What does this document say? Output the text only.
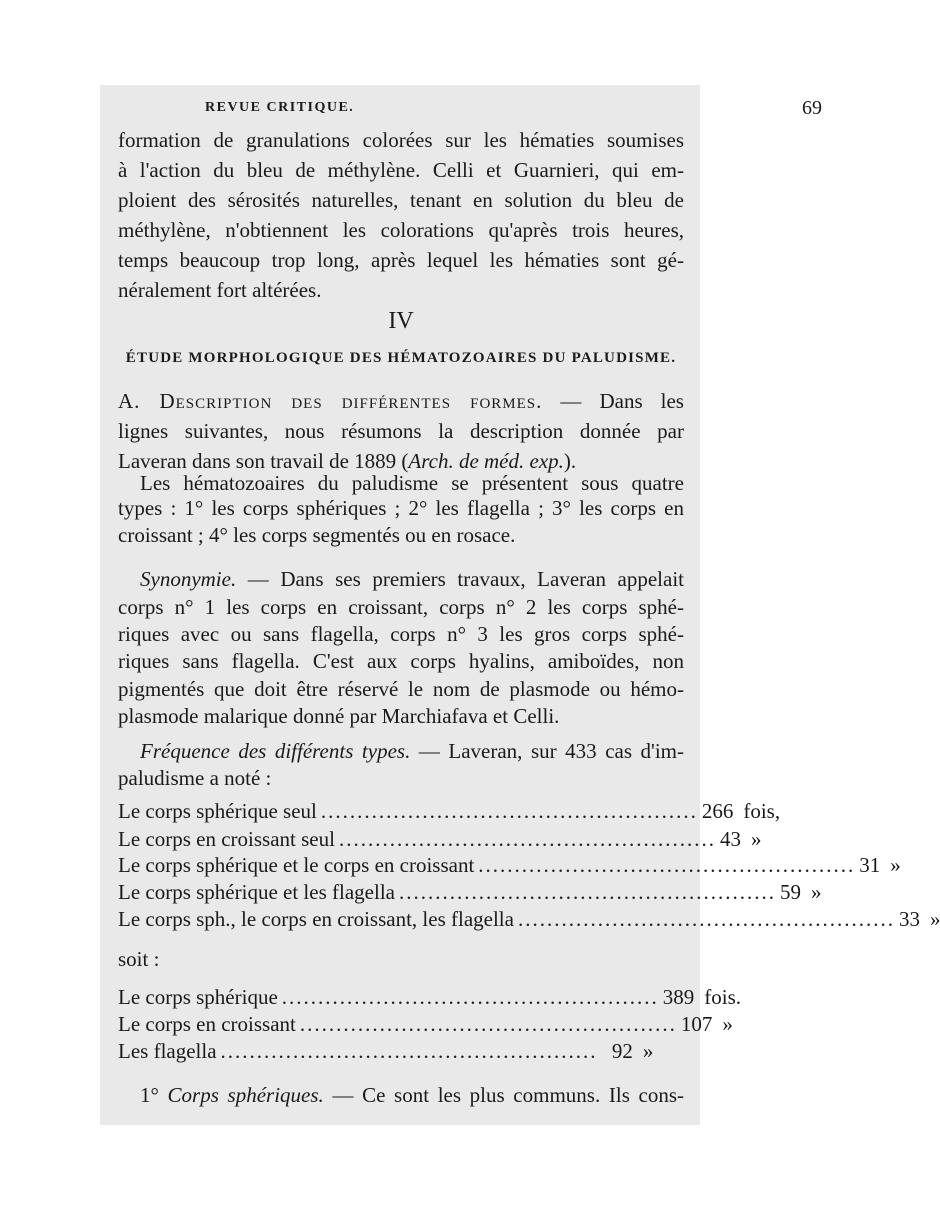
REVUE CRITIQUE.	69
formation de granulations colorées sur les hématies soumises
à l'action du bleu de méthylène. Celli et Guarnieri, qui em-
ploient des sérosités naturelles, tenant en solution du bleu de
méthylène, n'obtiennent les colorations qu'après trois heures,
temps beaucoup trop long, après lequel les hématies sont gé-
néralement fort altérées.
IV
ÉTUDE MORPHOLOGIQUE DES HÉMATOZOAIRES DU PALUDISME.
A. Description des différentes formes. — Dans les
lignes suivantes, nous résumons la description donnée par
Laveran dans son travail de 1889 (Arch. de méd. exp.).
Les hématozoaires du paludisme se présentent sous quatre
types : 1° les corps sphériques ; 2° les flagella ; 3° les corps en
croissant ; 4° les corps segmentés ou en rosace.
Synonymie. — Dans ses premiers travaux, Laveran appelait
corps n° 1 les corps en croissant, corps n° 2 les corps sphé-
riques avec ou sans flagella, corps n° 3 les gros corps sphé-
riques sans flagella. C'est aux corps hyalins, amiboïdes, non
pigmentés que doit être réservé le nom de plasmode ou hémo-
plasmode malarique donné par Marchiafava et Celli.
Fréquence des différents types. — Laveran, sur 433 cas d'im-
paludisme a noté :
Le corps sphérique seul .................................................... 266 fois,
Le corps en croissant seul .................................................... 43 »
Le corps sphérique et le corps en croissant .................................................... 31 »
Le corps sphérique et les flagella .................................................... 59 »
Le corps sph., le corps en croissant, les flagella .................................................... 33 »
soit :
Le corps sphérique .................................................... 389 fois.
Le corps en croissant .................................................... 107 »
Les flagella .................................................... 92 »
1° Corps sphériques. — Ce sont les plus communs. Ils cons-
